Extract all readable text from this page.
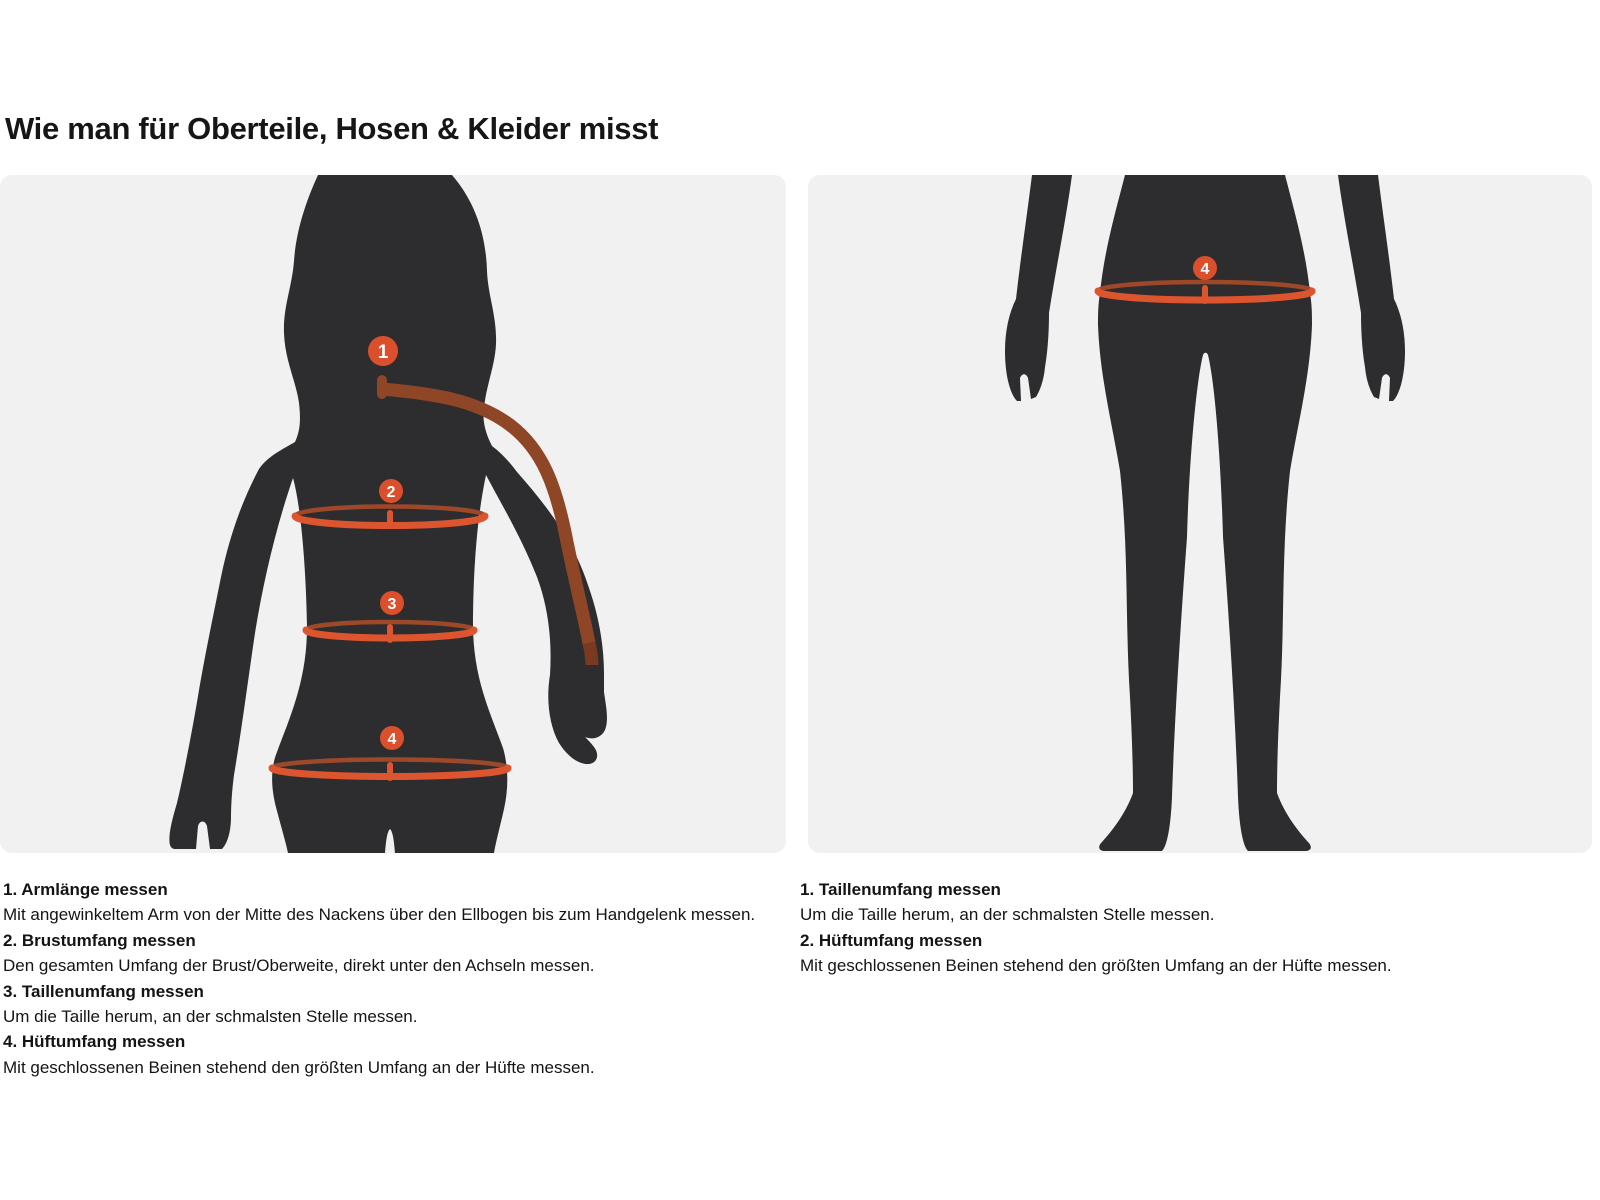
Wie man für Oberteile, Hosen & Kleider misst
1
2
3
4
4

1. Armlänge messen

Mit angewinkeltem Arm von der Mitte des Nackens über den Ellbogen bis zum Handgelenk messen.

2. Brustumfang messen

Den gesamten Umfang der Brust/Oberweite, direkt unter den Achseln messen.

3. Taillenumfang messen

Um die Taille herum, an der schmalsten Stelle messen.

4. Hüftumfang messen

Mit geschlossenen Beinen stehend den größten Umfang an der Hüfte messen.

1. Taillenumfang messen

Um die Taille herum, an der schmalsten Stelle messen.

2. Hüftumfang messen

Mit geschlossenen Beinen stehend den größten Umfang an der Hüfte messen.
